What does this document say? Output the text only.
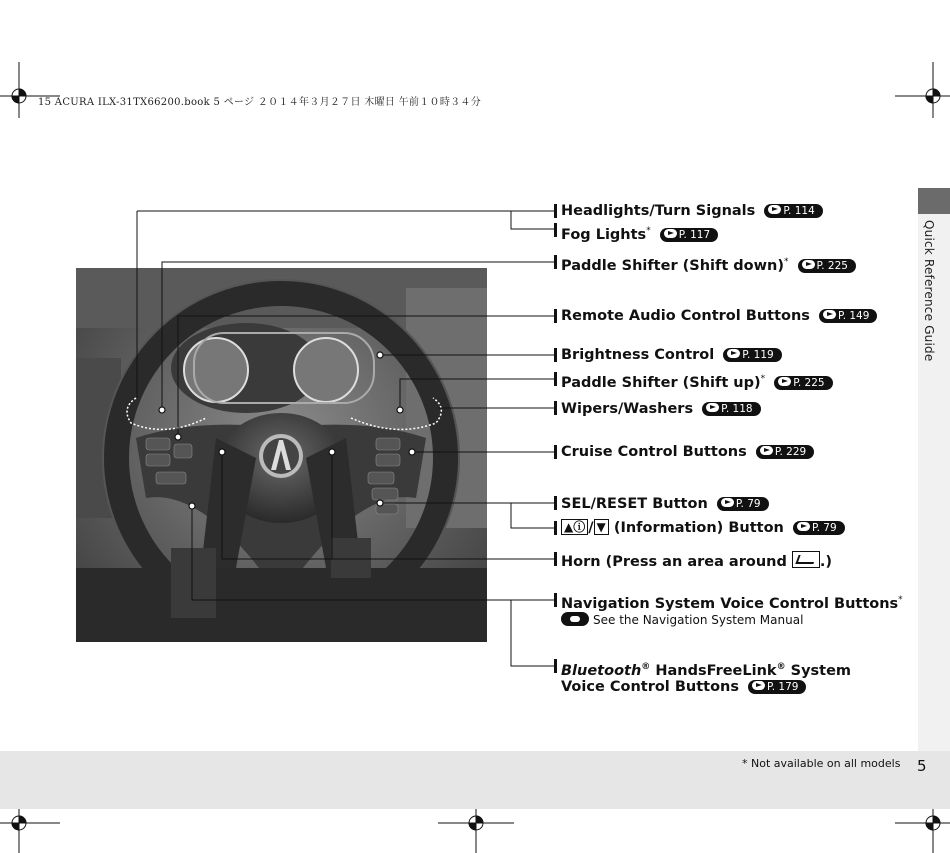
15 ACURA ILX-31TX66200.book 5 ページ ２０１４年３月２７日 木曜日 午前１０時３４分
Quick Reference Guide
Headlights/Turn Signals	P. 114
Fog Lights*	P. 117
Paddle Shifter (Shift down)*	P. 225
Remote Audio Control Buttons	P. 149
Brightness Control	P. 119
Paddle Shifter (Shift up)*	P. 225
Wipers/Washers	P. 118
Cruise Control Buttons	P. 229
SEL/RESET Button	P. 79
▲ⓘ / ▼ (Information) Button	P. 79
Horn (Press an area around .)
Navigation System Voice Control Buttons*
See the Navigation System Manual
Bluetooth® HandsFreeLink® System
Voice Control Buttons	P. 179
* Not available on all models 5
